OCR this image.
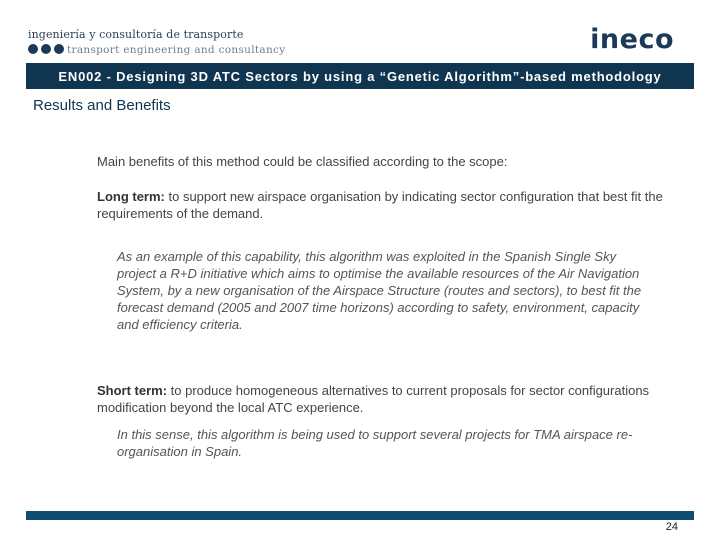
ingeniería y consultoría de transporte
transport engineering and consultancy	ineco
EN002 - Designing 3D ATC Sectors by using a “Genetic Algorithm”-based methodology
Results and Benefits
Main benefits of this method could be classified according to the scope:
Long term: to support new airspace organisation by indicating sector configuration that best fit the requirements of the demand.
As an example of this capability, this algorithm was exploited in the Spanish Single Sky project a R+D initiative which aims to optimise the available resources of the Air Navigation System, by a new organisation of the Airspace Structure (routes and sectors), to best fit the forecast demand (2005 and 2007 time horizons) according to safety, environment, capacity and efficiency criteria.
Short term: to produce homogeneous alternatives to current proposals for sector configurations modification beyond the local ATC experience.
In this sense, this algorithm is being used to support several projects for TMA airspace re-organisation in Spain.
24
